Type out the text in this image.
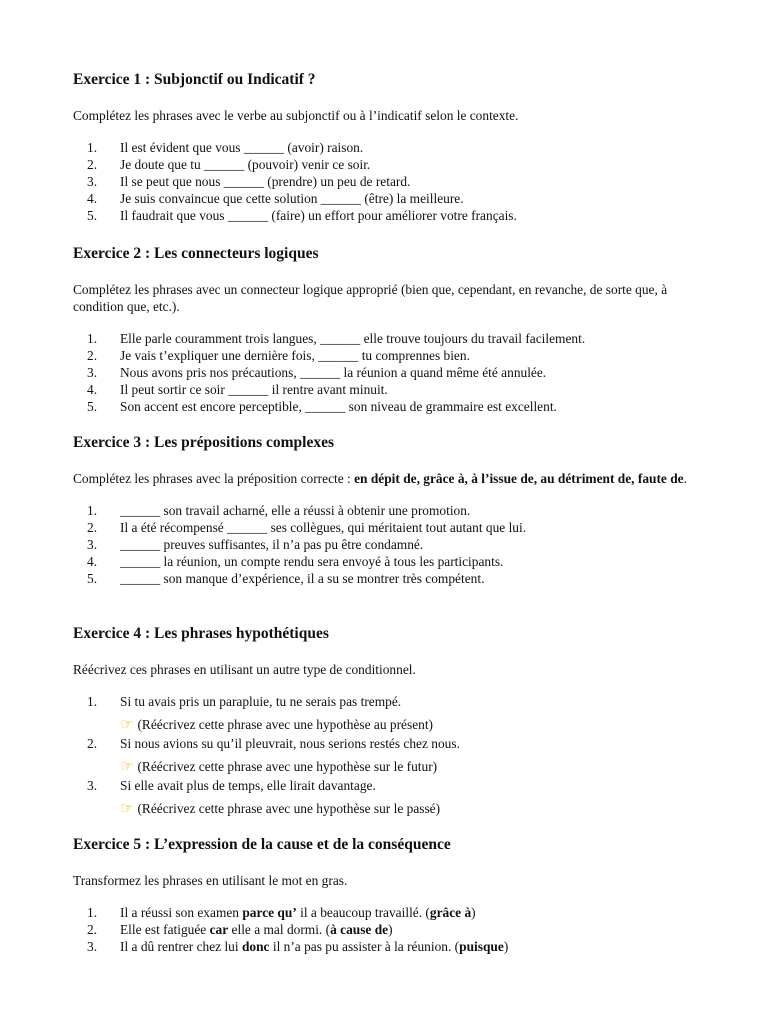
Exercice 1 : Subjonctif ou Indicatif ?

Complétez les phrases avec le verbe au subjonctif ou à l’indicatif selon le contexte.

1. Il est évident que vous ______ (avoir) raison.
2. Je doute que tu ______ (pouvoir) venir ce soir.
3. Il se peut que nous ______ (prendre) un peu de retard.
4. Je suis convaincue que cette solution ______ (être) la meilleure.
5. Il faudrait que vous ______ (faire) un effort pour améliorer votre français.
Exercice 2 : Les connecteurs logiques

Complétez les phrases avec un connecteur logique approprié (bien que, cependant, en revanche, de sorte que, à condition que, etc.).

1. Elle parle couramment trois langues, ______ elle trouve toujours du travail facilement.
2. Je vais t’expliquer une dernière fois, ______ tu comprennes bien.
3. Nous avons pris nos précautions, ______ la réunion a quand même été annulée.
4. Il peut sortir ce soir ______ il rentre avant minuit.
5. Son accent est encore perceptible, ______ son niveau de grammaire est excellent.
Exercice 3 : Les prépositions complexes

Complétez les phrases avec la préposition correcte : en dépit de, grâce à, à l’issue de, au détriment de, faute de.

1. ______ son travail acharné, elle a réussi à obtenir une promotion.
2. Il a été récompensé ______ ses collègues, qui méritaient tout autant que lui.
3. ______ preuves suffisantes, il n’a pas pu être condamné.
4. ______ la réunion, un compte rendu sera envoyé à tous les participants.
5. ______ son manque d’expérience, il a su se montrer très compétent.
Exercice 4 : Les phrases hypothétiques

Réécrivez ces phrases en utilisant un autre type de conditionnel.

1. Si tu avais pris un parapluie, tu ne serais pas trempé.
☜ (Réécrivez cette phrase avec une hypothèse au présent)
2. Si nous avions su qu’il pleuvrait, nous serions restés chez nous.
☜ (Réécrivez cette phrase avec une hypothèse sur le futur)
3. Si elle avait plus de temps, elle lirait davantage.
☜ (Réécrivez cette phrase avec une hypothèse sur le passé)
Exercice 5 : L’expression de la cause et de la conséquence

Transformez les phrases en utilisant le mot en gras.

1. Il a réussi son examen parce qu’ il a beaucoup travaillé. (grâce à)
2. Elle est fatiguée car elle a mal dormi. (à cause de)
3. Il a dû rentrer chez lui donc il n’a pas pu assister à la réunion. (puisque)
